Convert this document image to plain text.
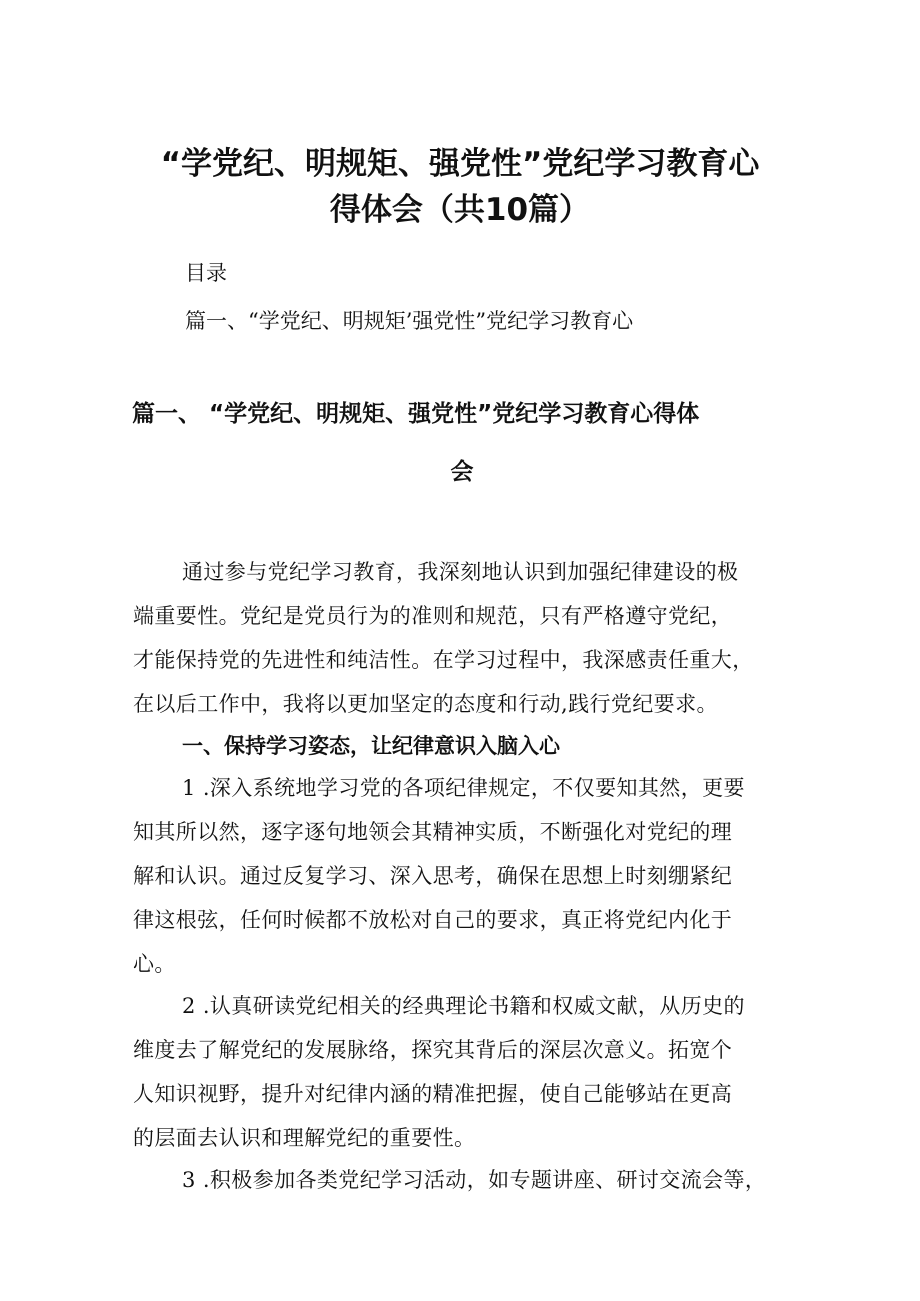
“学党纪、明规矩、强党性”党纪学习教育心
得体会（共10篇）
目录
篇一、“学党纪、明规矩’强党性”党纪学习教育心
篇一、 “学党纪、明规矩、强党性”党纪学习教育心得体
会
通过参与党纪学习教育，我深刻地认识到加强纪律建设的极
端重要性。党纪是党员行为的准则和规范，只有严格遵守党纪，
才能保持党的先进性和纯洁性。在学习过程中，我深感责任重大，
在以后工作中，我将以更加坚定的态度和行动,践行党纪要求。
一、保持学习姿态，让纪律意识入脑入心
1 .深入系统地学习党的各项纪律规定，不仅要知其然，更要
知其所以然，逐字逐句地领会其精神实质，不断强化对党纪的理
解和认识。通过反复学习、深入思考，确保在思想上时刻绷紧纪
律这根弦，任何时候都不放松对自己的要求，真正将党纪内化于
心。
2 .认真研读党纪相关的经典理论书籍和权威文献，从历史的
维度去了解党纪的发展脉络，探究其背后的深层次意义。拓宽个
人知识视野，提升对纪律内涵的精准把握，使自己能够站在更高
的层面去认识和理解党纪的重要性。
3 .积极参加各类党纪学习活动，如专题讲座、研讨交流会等，
